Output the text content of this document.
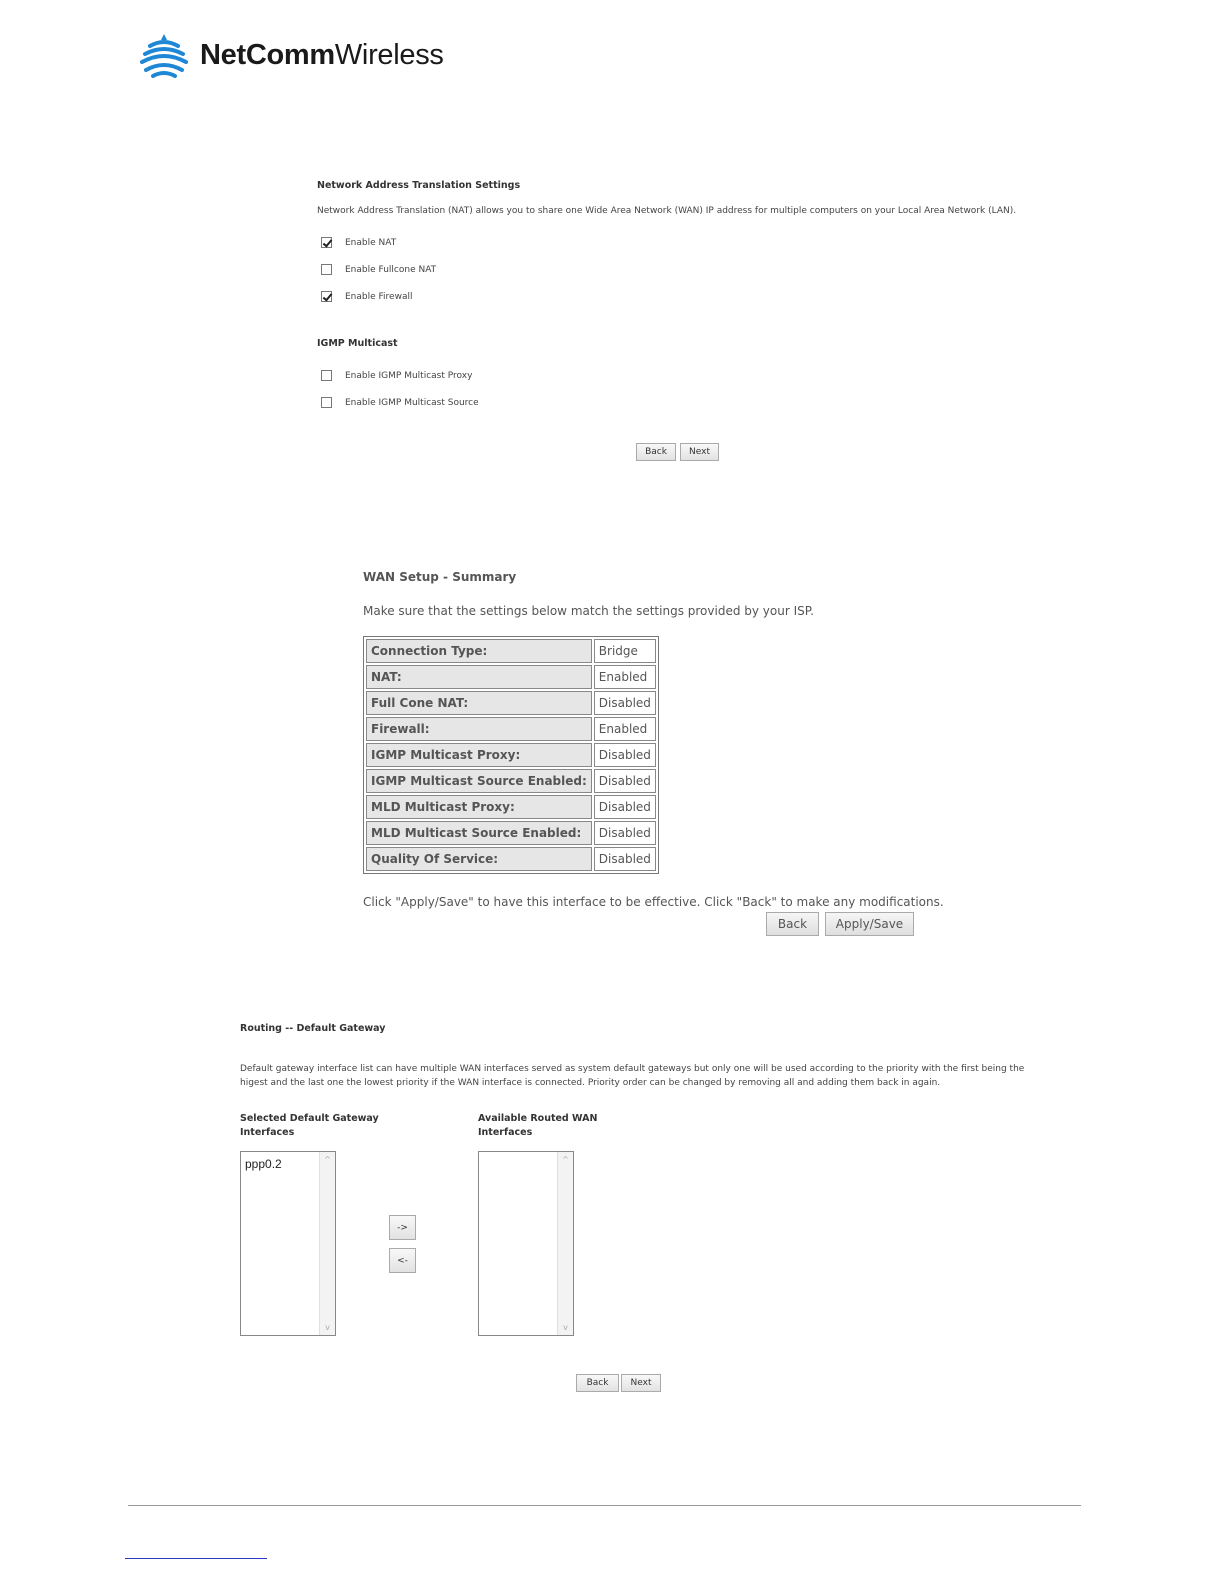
NetCommWireless
Network Address Translation Settings
Network Address Translation (NAT) allows you to share one Wide Area Network (WAN) IP address for multiple computers on your Local Area Network (LAN).
Enable NAT
Enable Fullcone NAT
Enable Firewall
IGMP Multicast
Enable IGMP Multicast Proxy
Enable IGMP Multicast Source
Back	Next
WAN Setup - Summary
Make sure that the settings below match the settings provided by your ISP.
Connection Type:	Bridge
NAT:	Enabled
Full Cone NAT:	Disabled
Firewall:	Enabled
IGMP Multicast Proxy:	Disabled
IGMP Multicast Source Enabled:	Disabled
MLD Multicast Proxy:	Disabled
MLD Multicast Source Enabled:	Disabled
Quality Of Service:	Disabled
Click "Apply/Save" to have this interface to be effective. Click "Back" to make any modifications.
Back	Apply/Save
Routing -- Default Gateway
Default gateway interface list can have multiple WAN interfaces served as system default gateways but only one will be used according to the priority with the first being the
higest and the last one the lowest priority if the WAN interface is connected. Priority order can be changed by removing all and adding them back in again.
Selected Default Gateway
Interfaces
Available Routed WAN
Interfaces
ppp0.2	^
v
->
<-
^
v
Back	Next
